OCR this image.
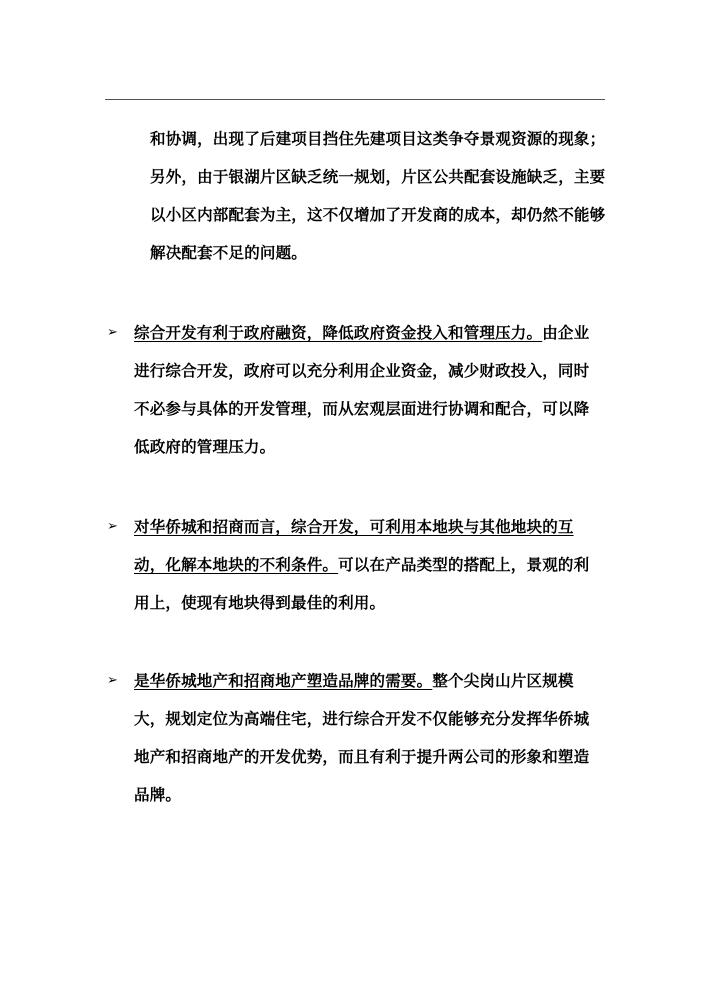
和协调，出现了后建项目挡住先建项目这类争夺景观资源的现象；另外，由于银湖片区缺乏统一规划，片区公共配套设施缺乏，主要以小区内部配套为主，这不仅增加了开发商的成本，却仍然不能够解决配套不足的问题。

➢ 综合开发有利于政府融资，降低政府资金投入和管理压力。由企业进行综合开发，政府可以充分利用企业资金，减少财政投入，同时不必参与具体的开发管理，而从宏观层面进行协调和配合，可以降低政府的管理压力。

➢ 对华侨城和招商而言，综合开发，可利用本地块与其他地块的互动，化解本地块的不利条件。可以在产品类型的搭配上，景观的利用上，使现有地块得到最佳的利用。

➢ 是华侨城地产和招商地产塑造品牌的需要。整个尖岗山片区规模大，规划定位为高端住宅，进行综合开发不仅能够充分发挥华侨城地产和招商地产的开发优势，而且有利于提升两公司的形象和塑造品牌。
